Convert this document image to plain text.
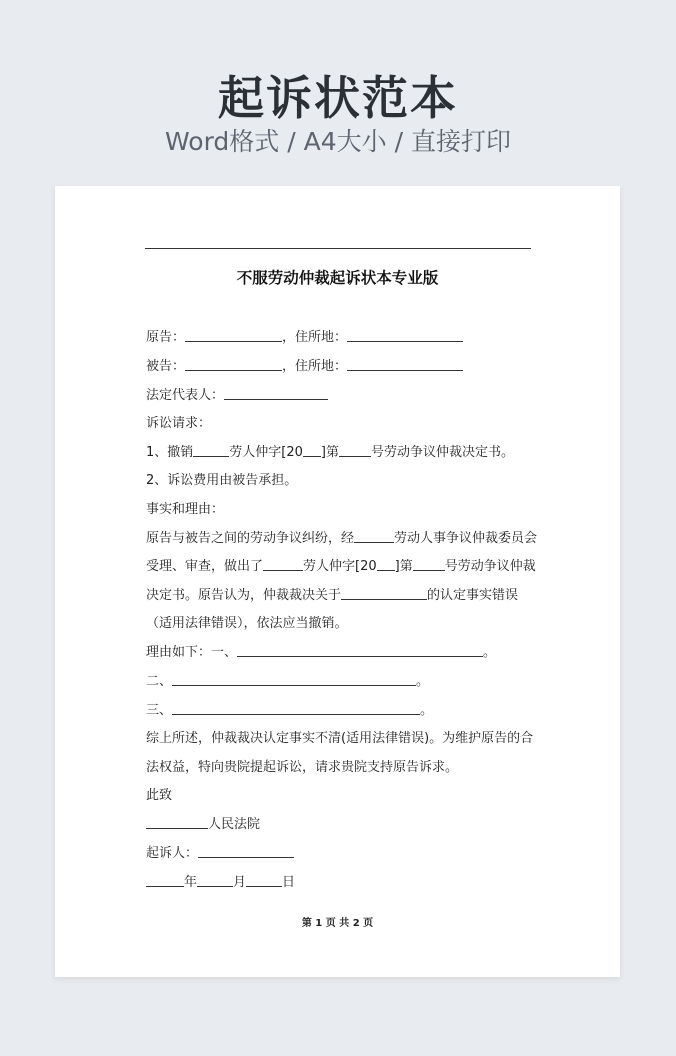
起诉状范本
Word格式 / A4大小 / 直接打印
不服劳动仲裁起诉状本专业版
原告：	，住所地：
被告：	，住所地：
法定代表人：
诉讼请求：
1、撤销	劳人仲字[20 ]第 号劳动争议仲裁决定书。
2、诉讼费用由被告承担。
事实和理由：
原告与被告之间的劳动争议纠纷，经	劳动人事争议仲裁委员会
受理、审查，做出了	劳人仲字[20 ]第 号劳动争议仲裁
决定书。原告认为，仲裁裁决关于	的认定事实错误
（适用法律错误），依法应当撤销。
理由如下：一、	。
二、	。
三、	。
综上所述，仲裁裁决认定事实不清(适用法律错误)。为维护原告的合
法权益，特向贵院提起诉讼，请求贵院支持原告诉求。
此致
人民法院
起诉人：
年	月	日
第 1 页 共 2 页
